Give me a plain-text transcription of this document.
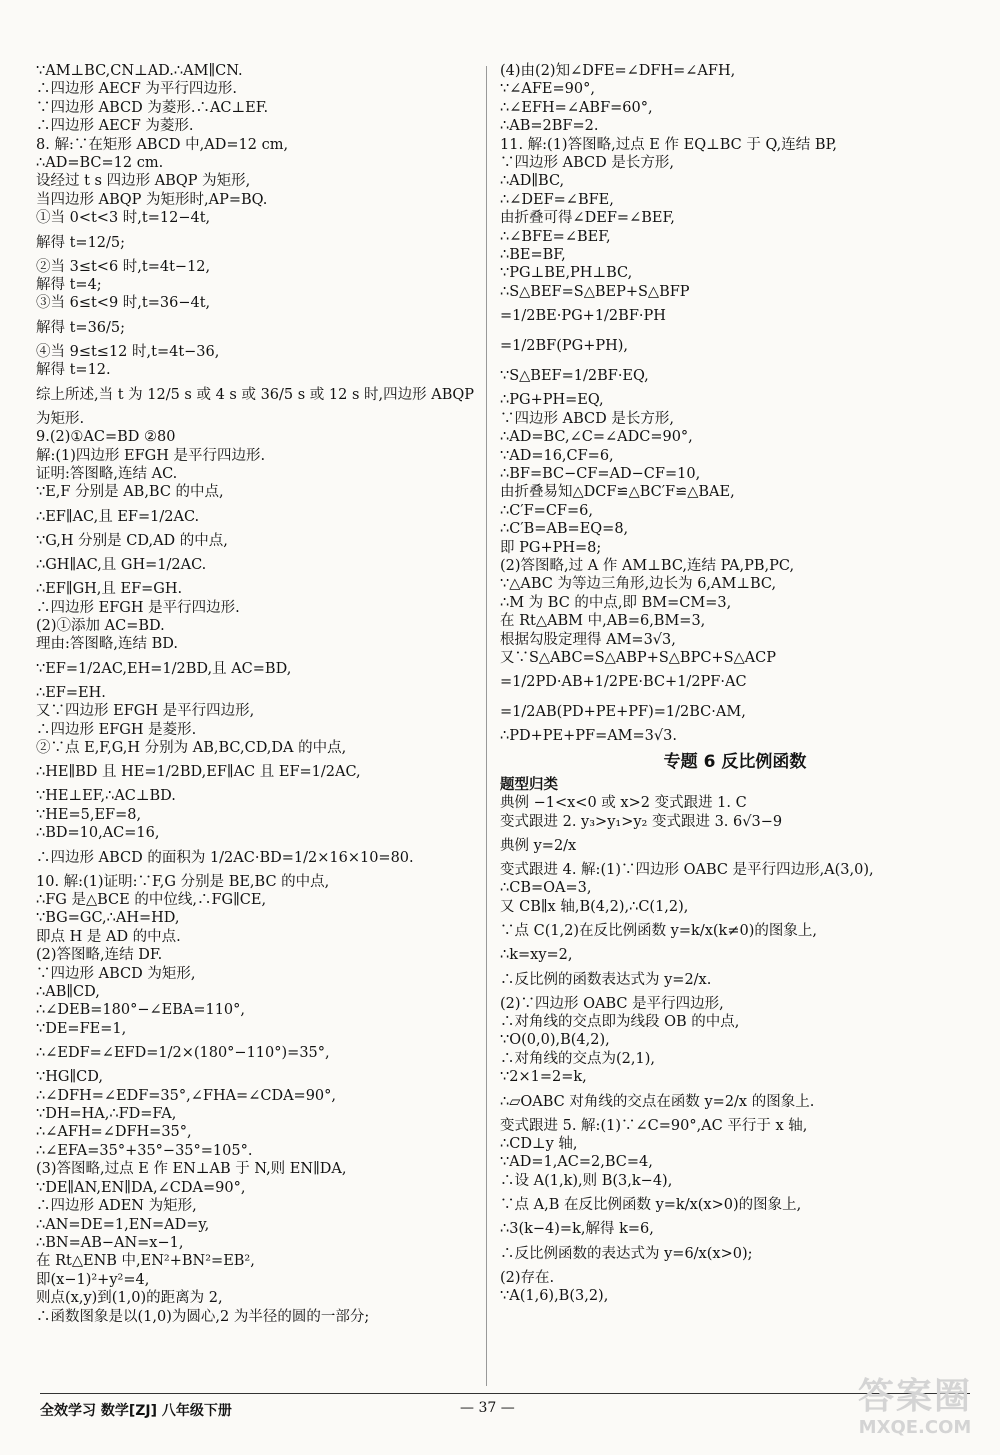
∵AM⊥BC,CN⊥AD.∴AM∥CN.
∴四边形 AECF 为平行四边形.
∵四边形 ABCD 为菱形.∴AC⊥EF.
∴四边形 AECF 为菱形.
8. 解:∵在矩形 ABCD 中,AD=12 cm,
∴AD=BC=12 cm.
设经过 t s 四边形 ABQP 为矩形,
当四边形 ABQP 为矩形时,AP=BQ.
①当 0<t<3 时,t=12−4t,
解得 t=12/5;
②当 3≤t<6 时,t=4t−12,
解得 t=4;
③当 6≤t<9 时,t=36−4t,
解得 t=36/5;
④当 9≤t≤12 时,t=4t−36,
解得 t=12.
综上所述,当 t 为 12/5 s 或 4 s 或 36/5 s 或 12 s 时,四边形 ABQP
为矩形.
9.(2)①AC=BD ②80
解:(1)四边形 EFGH 是平行四边形.
证明:答图略,连结 AC.
∵E,F 分别是 AB,BC 的中点,
∴EF∥AC,且 EF=1/2AC.
∵G,H 分别是 CD,AD 的中点,
∴GH∥AC,且 GH=1/2AC.
∴EF∥GH,且 EF=GH.
∴四边形 EFGH 是平行四边形.
(2)①添加 AC=BD.
理由:答图略,连结 BD.
∵EF=1/2AC,EH=1/2BD,且 AC=BD,
∴EF=EH.
又∵四边形 EFGH 是平行四边形,
∴四边形 EFGH 是菱形.
②∵点 E,F,G,H 分别为 AB,BC,CD,DA 的中点,
∴HE∥BD 且 HE=1/2BD,EF∥AC 且 EF=1/2AC,
∵HE⊥EF,∴AC⊥BD.
∵HE=5,EF=8,
∴BD=10,AC=16,
∴四边形 ABCD 的面积为 1/2AC·BD=1/2×16×10=80.
10. 解:(1)证明:∵F,G 分别是 BE,BC 的中点,
∴FG 是△BCE 的中位线,∴FG∥CE,
∵BG=GC,∴AH=HD,
即点 H 是 AD 的中点.
(2)答图略,连结 DF.
∵四边形 ABCD 为矩形,
∴AB∥CD,
∴∠DEB=180°−∠EBA=110°,
∵DE=FE=1,
∴∠EDF=∠EFD=1/2×(180°−110°)=35°,
∵HG∥CD,
∴∠DFH=∠EDF=35°,∠FHA=∠CDA=90°,
∵DH=HA,∴FD=FA,
∴∠AFH=∠DFH=35°,
∴∠EFA=35°+35°−35°=105°.
(3)答图略,过点 E 作 EN⊥AB 于 N,则 EN∥DA,
∵DE∥AN,EN∥DA,∠CDA=90°,
∴四边形 ADEN 为矩形,
∴AN=DE=1,EN=AD=y,
∴BN=AB−AN=x−1,
在 Rt△ENB 中,EN²+BN²=EB²,
即(x−1)²+y²=4,
则点(x,y)到(1,0)的距离为 2,
∴函数图象是以(1,0)为圆心,2 为半径的圆的一部分;
(4)由(2)知∠DFE=∠DFH=∠AFH,
∵∠AFE=90°,
∴∠EFH=∠ABF=60°,
∴AB=2BF=2.
11. 解:(1)答图略,过点 E 作 EQ⊥BC 于 Q,连结 BP,
∵四边形 ABCD 是长方形,
∴AD∥BC,
∴∠DEF=∠BFE,
由折叠可得∠DEF=∠BEF,
∴∠BFE=∠BEF,
∴BE=BF,
∵PG⊥BE,PH⊥BC,
∴S△BEF=S△BEP+S△BFP
=1/2BE·PG+1/2BF·PH
=1/2BF(PG+PH),
∵S△BEF=1/2BF·EQ,
∴PG+PH=EQ,
∵四边形 ABCD 是长方形,
∴AD=BC,∠C=∠ADC=90°,
∵AD=16,CF=6,
∴BF=BC−CF=AD−CF=10,
由折叠易知△DCF≌△BC′F≌△BAE,
∴C′F=CF=6,
∴C′B=AB=EQ=8,
即 PG+PH=8;
(2)答图略,过 A 作 AM⊥BC,连结 PA,PB,PC,
∵△ABC 为等边三角形,边长为 6,AM⊥BC,
∴M 为 BC 的中点,即 BM=CM=3,
在 Rt△ABM 中,AB=6,BM=3,
根据勾股定理得 AM=3√3,
又∵S△ABC=S△ABP+S△BPC+S△ACP
=1/2PD·AB+1/2PE·BC+1/2PF·AC
=1/2AB(PD+PE+PF)=1/2BC·AM,
∴PD+PE+PF=AM=3√3.
专题 6 反比例函数
题型归类
典例 −1<x<0 或 x>2 变式跟进 1. C
变式跟进 2. y₃>y₁>y₂ 变式跟进 3. 6√3−9
典例 y=2/x
变式跟进 4. 解:(1)∵四边形 OABC 是平行四边形,A(3,0),
∴CB=OA=3,
又 CB∥x 轴,B(4,2),∴C(1,2),
∵点 C(1,2)在反比例函数 y=k/x(k≠0)的图象上,
∴k=xy=2,
∴反比例的函数表达式为 y=2/x.
(2)∵四边形 OABC 是平行四边形,
∴对角线的交点即为线段 OB 的中点,
∵O(0,0),B(4,2),
∴对角线的交点为(2,1),
∵2×1=2=k,
∴▱OABC 对角线的交点在函数 y=2/x 的图象上.
变式跟进 5. 解:(1)∵∠C=90°,AC 平行于 x 轴,
∴CD⊥y 轴,
∵AD=1,AC=2,BC=4,
∴设 A(1,k),则 B(3,k−4),
∵点 A,B 在反比例函数 y=k/x(x>0)的图象上,
∴3(k−4)=k,解得 k=6,
∴反比例函数的表达式为 y=6/x(x>0);
(2)存在.
∵A(1,6),B(3,2),
全效学习 数学[ZJ] 八年级下册	— 37 —	答案圈
MXQE.COM
